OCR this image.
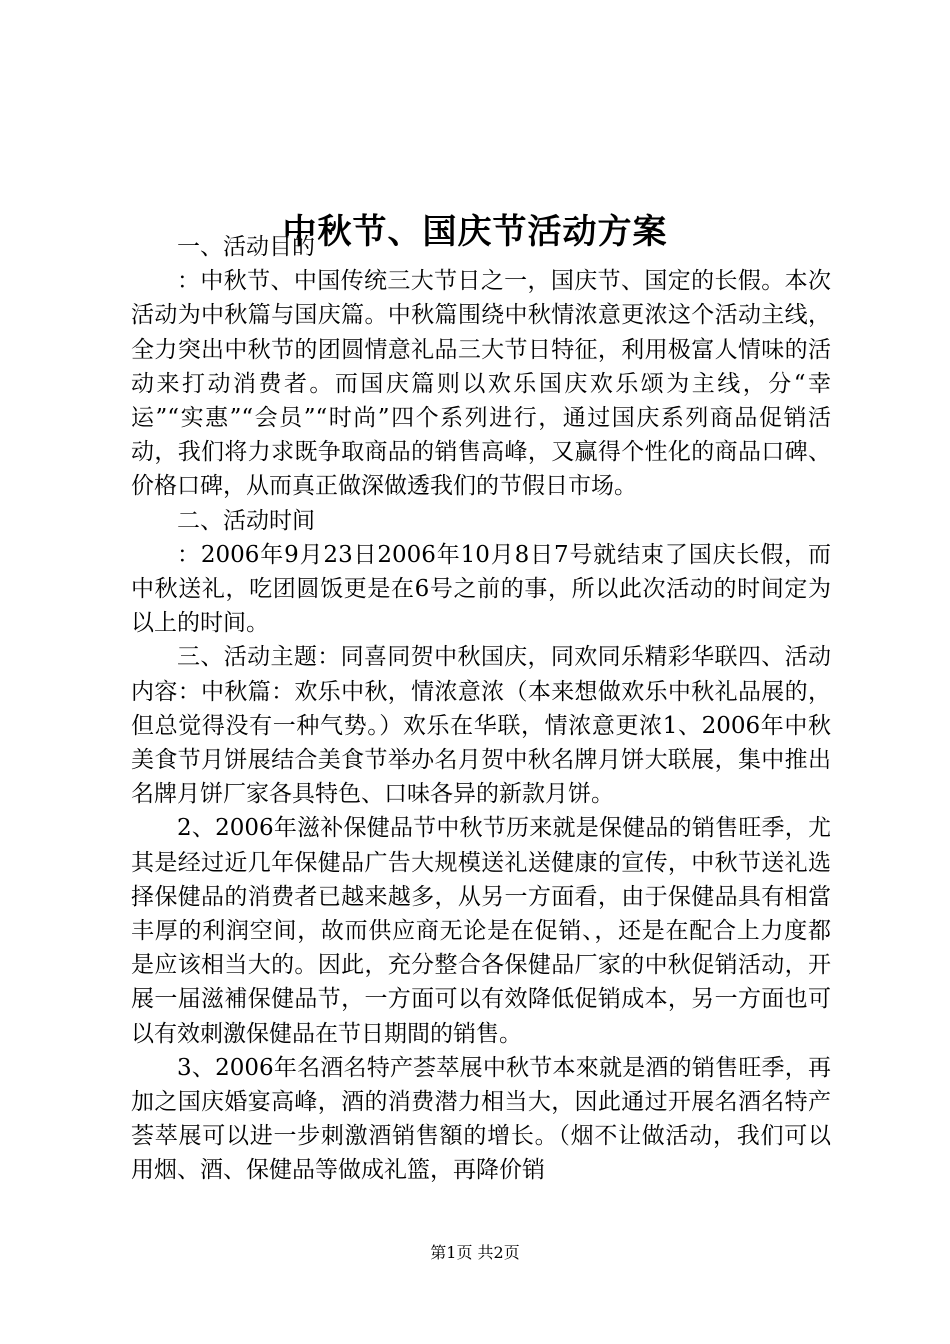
中秋节、国庆节活动方案

一、活动目的

：中秋节、中国传统三大节日之一，国庆节、国定的长假。本次活动为中秋篇与国庆篇。中秋篇围绕中秋情浓意更浓这个活动主线，全力突出中秋节的团圆情意礼品三大节日特征，利用极富人情味的活动来打动消费者。而国庆篇则以欢乐国庆欢乐颂为主线，分“幸运”“实惠”“会员”“时尚”四个系列进行，通过国庆系列商品促销活动，我们将力求既争取商品的销售高峰，又赢得个性化的商品口碑、价格口碑，从而真正做深做透我们的节假日市场。

二、活动时间

：2006年9月23日2006年10月8日7号就结束了国庆长假，而中秋送礼，吃团圆饭更是在6号之前的事，所以此次活动的时间定为以上的时间。

三、活动主题：同喜同贺中秋国庆，同欢同乐精彩华联四、活动内容：中秋篇：欢乐中秋，情浓意浓（本来想做欢乐中秋礼品展的，但总觉得没有一种气势。）欢乐在华联，情浓意更浓1、2006年中秋美食节月饼展结合美食节举办名月贺中秋名牌月饼大联展，集中推出名牌月饼厂家各具特色、口味各异的新款月饼。

2、2006年滋补保健品节中秋节历来就是保健品的销售旺季，尤其是经过近几年保健品广告大规模送礼送健康的宣传，中秋节送礼选择保健品的消费者已越来越多，从另一方面看，由于保健品具有相當丰厚的利润空间，故而供应商无论是在促销、，还是在配合上力度都是应该相当大的。因此，充分整合各保健品厂家的中秋促销活动，开展一届滋補保健品节，一方面可以有效降低促销成本，另一方面也可以有效刺激保健品在节日期間的销售。

3、2006年名酒名特产荟萃展中秋节本來就是酒的销售旺季，再加之国庆婚宴高峰，酒的消费潜力相当大，因此通过开展名酒名特产荟萃展可以进一步刺激酒销售額的增长。（烟不让做活动，我们可以用烟、酒、保健品等做成礼篮，再降价销

第1页 共2页
